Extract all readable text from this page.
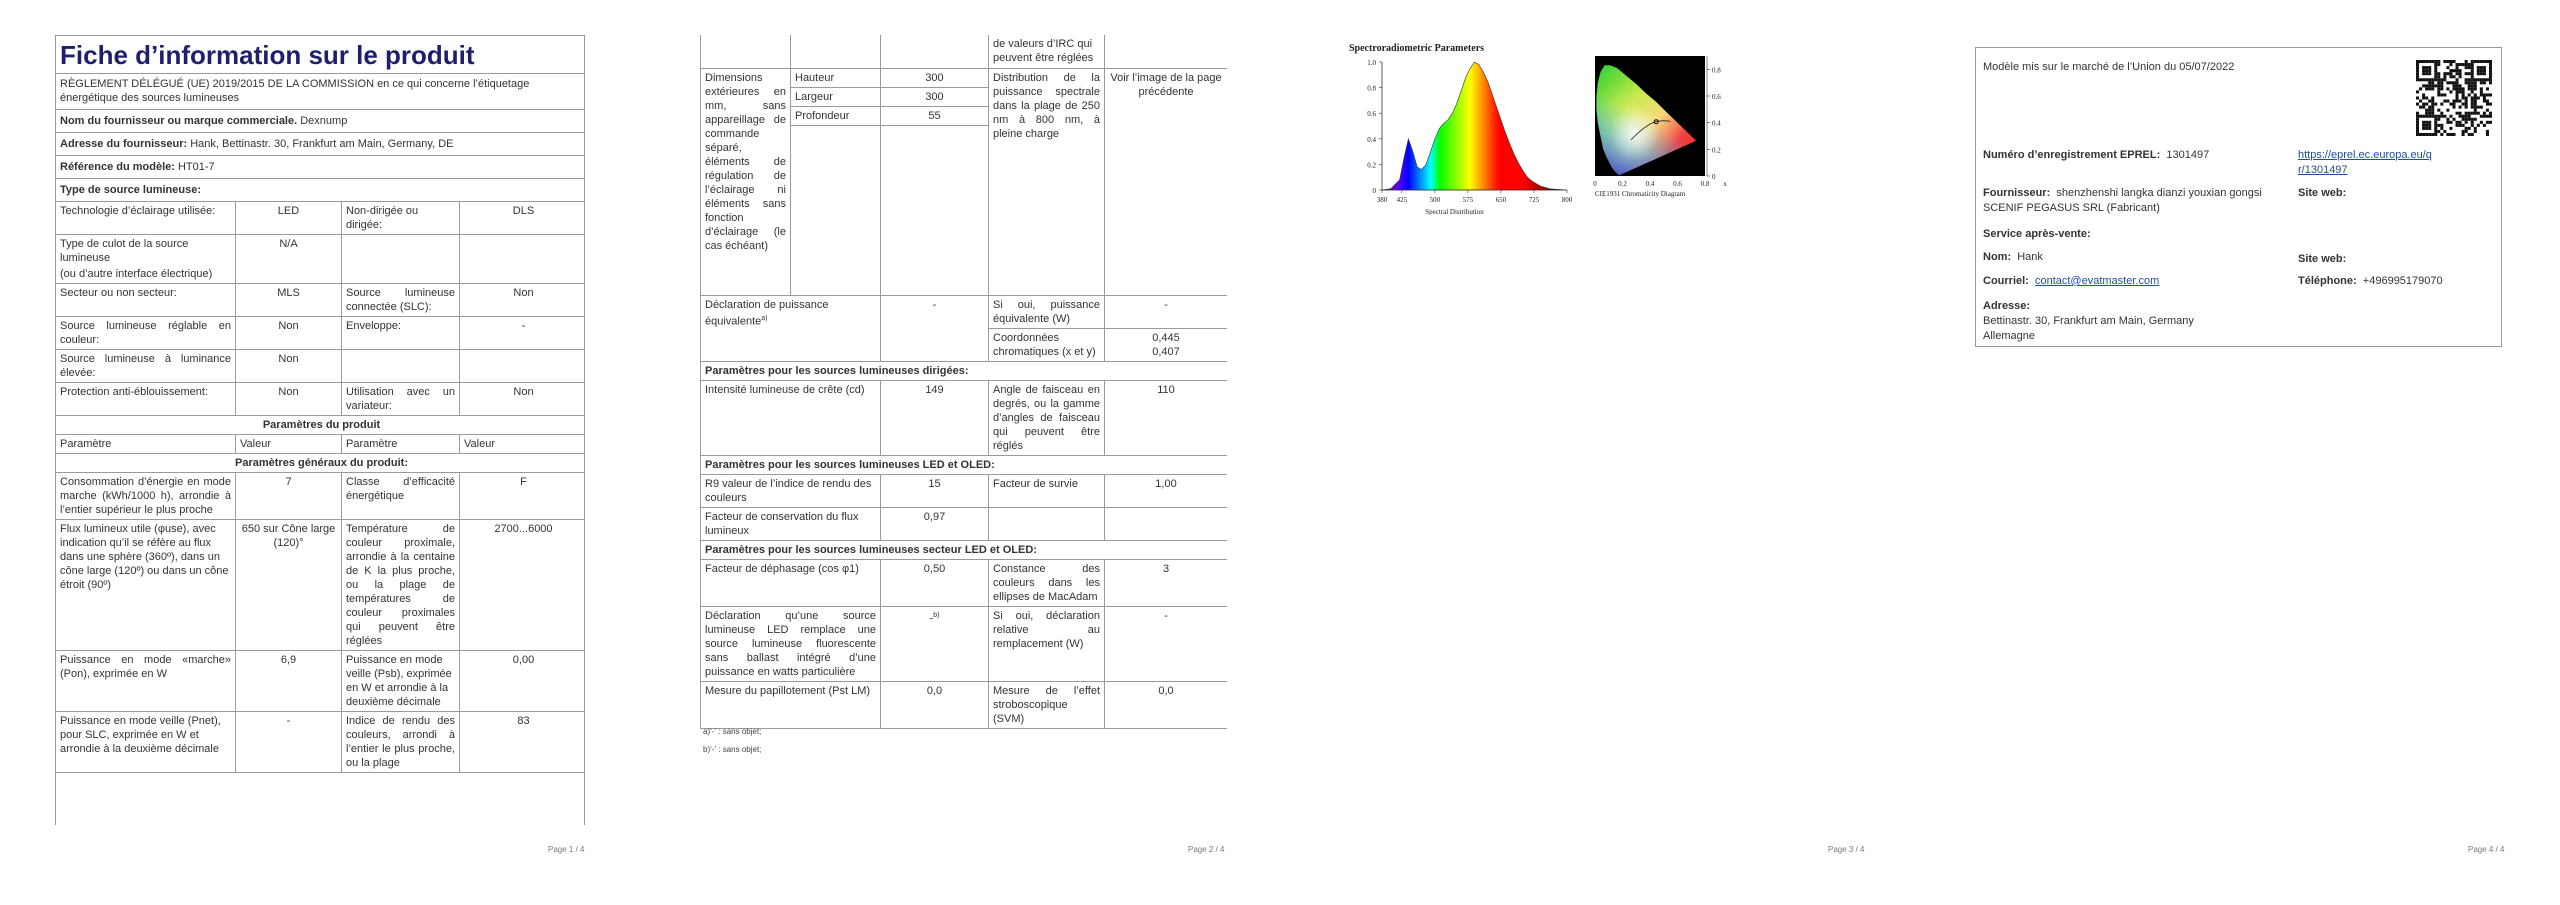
Fiche d’information sur le produit			
RÈGLEMENT DÉLÉGUÉ (UE) 2019/2015 DE LA COMMISSION en ce qui concerne l’étiquetage énergétique des sources lumineuses			
Nom du fournisseur ou marque commerciale. Dexnump			
Adresse du fournisseur: Hank, Bettinastr. 30, Frankfurt am Main, Germany, DE			
Référence du modèle: HT01-7			
Type de source lumineuse:			
Technologie d’éclairage utilisée:	LED	Non-dirigée ou dirigée:	DLS

Type de culot de la source lumineuse
(ou d’autre interface électrique)	N/A		
Secteur ou non secteur:	MLS	Source lumineuse connectée (SLC):	Non
Source lumineuse réglable en couleur:	Non	Enveloppe:	-
Source lumineuse à luminance élevée:	Non		
Protection anti-éblouissement:	Non	Utilisation avec un variateur:	Non
Paramètres du produit			
Paramètre	Valeur	Paramètre	Valeur
Paramètres généraux du produit:			
Consommation d’énergie en mode marche (kWh/1000 h), arrondie à l’entier supérieur le plus proche	7	Classe d’efficacité énergétique	F
Flux lumineux utile (φuse), avec indication qu’il se réfère au flux dans une sphère (360º), dans un cône large (120º) ou dans un cône étroit (90º)	650 sur Cône large (120)°	Température de couleur proximale, arrondie à la centaine de K la plus proche, ou la plage de températures de couleur proximales qui peuvent être réglées	2700...6000
Puissance en mode «marche» (Pon), exprimée en W	6,9	Puissance en mode veille (Psb), exprimée en W et arrondie à la deuxième décimale	0,00
Puissance en mode veille (Pnet), pour SLC, exprimée en W et arrondie à la deuxième décimale	-	Indice de rendu des couleurs, arrondi à l’entier le plus proche, ou la plage	83
Page 1 / 4
			de valeurs d’IRC qui peuvent être réglées	
Dimensions extérieures en mm, sans appareillage de commande séparé, éléments de régulation de l’éclairage ni éléments sans fonction d’éclairage (le cas échéant)	Hauteur	300	Distribution de la puissance spectrale dans la plage de 250 nm à 800 nm, à pleine charge	Voir l’image de la page précédente
	Largeur	300		
	Profondeur	55		

Déclaration de puissance équivalente$^{a)}$		-	Si oui, puissance équivalente (W)	-
			Coordonnées chromatiques (x et y)	0,445
0,407

Paramètres pour les sources lumineuses dirigées:				
Intensité lumineuse de crête (cd)		149	Angle de faisceau en degrés, ou la gamme d’angles de faisceau qui peuvent être réglés	110
Paramètres pour les sources lumineuses LED et OLED:				
R9 valeur de l’indice de rendu des couleurs		15	Facteur de survie	1,00
Facteur de conservation du flux lumineux		0,97		
Paramètres pour les sources lumineuses secteur LED et OLED:				
Facteur de déphasage (cos φ1)		0,50	Constance des couleurs dans les ellipses de MacAdam	3
Déclaration qu’une source lumineuse LED remplace une source lumineuse fluorescente sans ballast intégré d’une puissance en watts particulière		-$^{b)}$	Si oui, déclaration relative au remplacement (W)	-
Mesure du papillotement (Pst LM)		0,0	Mesure de l’effet stroboscopique (SVM)	0,0
Page 2 / 4
a)‘-’ : sans objet;
b)‘-’ : sans objet;
Page 3 / 4
Spectroradiometric Parameters
0
0.2
0.4
0.6
0.8
1.0
380 425	500	575	650	725	800
Spectral Distribution
0
0.2
0.4
0.6
0.8
0	0.2	0.4	0.6	0.8 x
CIE1931 Chromaticity Diagram
Page 4 / 4
Modèle mis sur le marché de l’Union du 05/07/2022
Numéro d’enregistrement EPREL: 1301497	https://eprel.ec.europa.eu/qr/1301497
Fournisseur: shenzhenshi langka dianzi youxian gongsi SCENIF PEGASUS SRL (Fabricant)
Site web:
Service après-vente:
Nom: Hank	Site web:
Courriel: contact@evatmaster.com	Téléphone: +496995179070
Adresse:
Bettinastr. 30, Frankfurt am Main, Germany
Allemagne
